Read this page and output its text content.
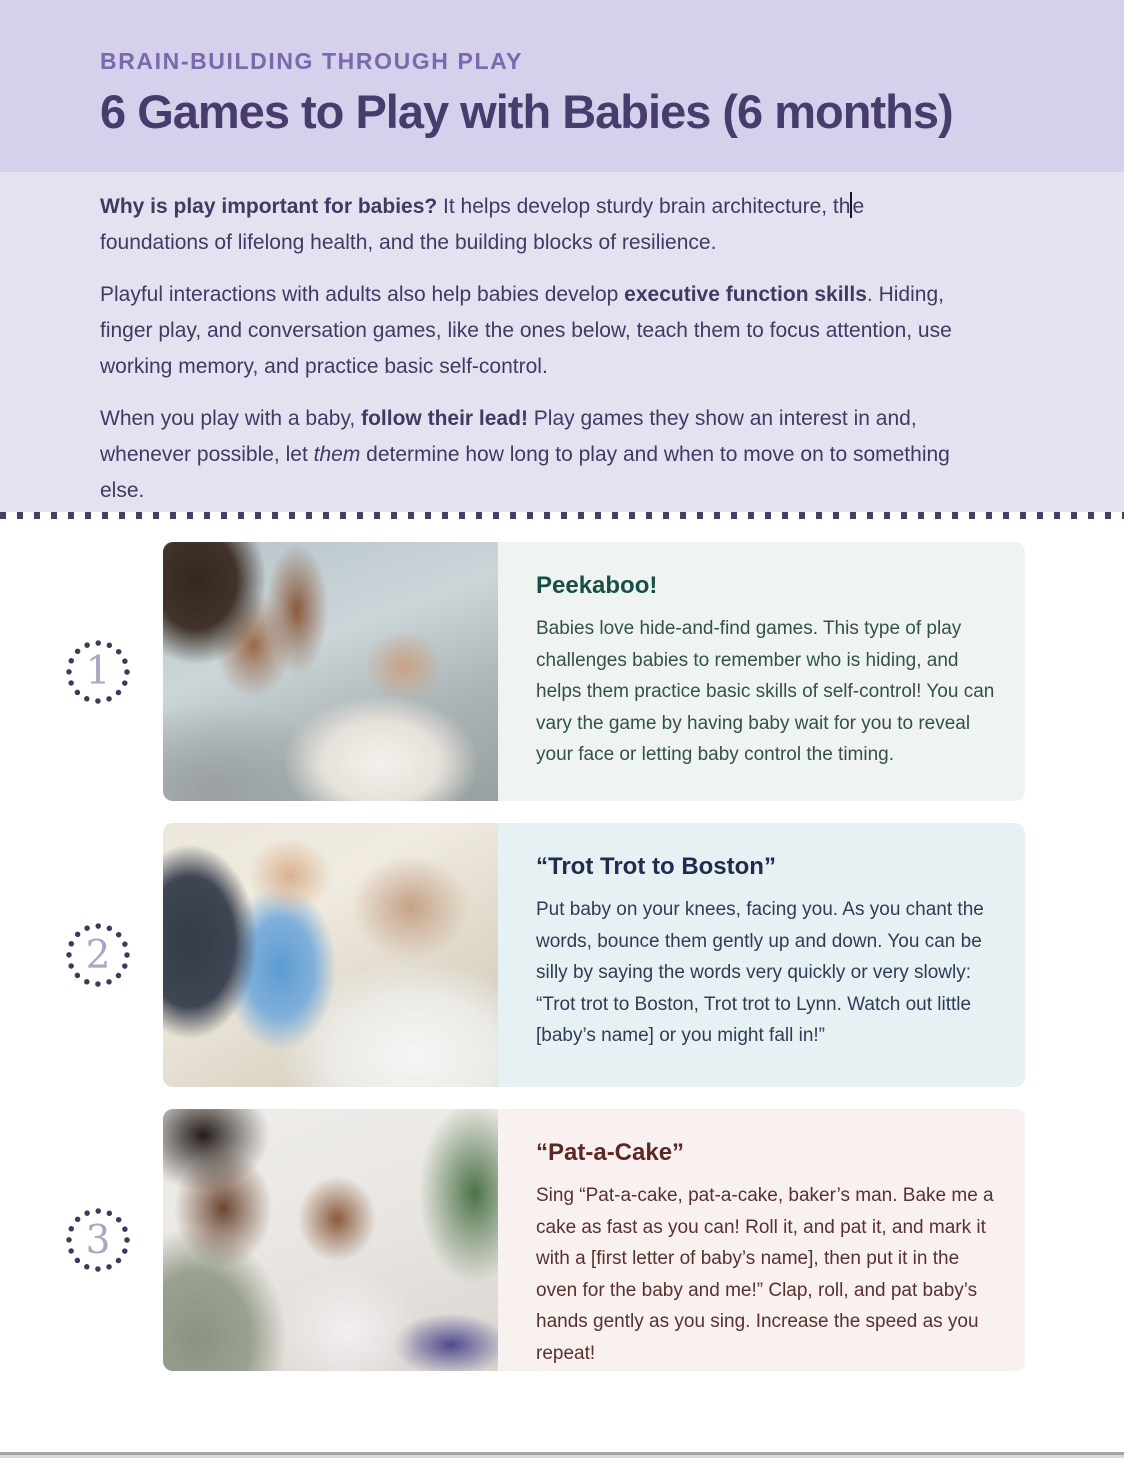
BRAIN-BUILDING THROUGH PLAY
6 Games to Play with Babies (6 months)

Why is play important for babies? It helps develop sturdy brain architecture, the foundations of lifelong health, and the building blocks of resilience.

Playful interactions with adults also help babies develop executive function skills. Hiding, finger play, and conversation games, like the ones below, teach them to focus attention, use working memory, and practice basic self-control.

When you play with a baby, follow their lead! Play games they show an interest in and, whenever possible, let them determine how long to play and when to move on to something else.

1
Peekaboo!

Babies love hide-and-find games. This type of play challenges babies to remember who is hiding, and helps them practice basic skills of self-control! You can vary the game by having baby wait for you to reveal your face or letting baby control the timing.

2
“Trot Trot to Boston”

Put baby on your knees, facing you. As you chant the words, bounce them gently up and down. You can be silly by saying the words very quickly or very slowly: “Trot trot to Boston, Trot trot to Lynn. Watch out little [baby’s name] or you might fall in!”

3
“Pat-a-Cake”

Sing “Pat-a-cake, pat-a-cake, baker’s man. Bake me a cake as fast as you can! Roll it, and pat it, and mark it with a [first letter of baby’s name], then put it in the oven for the baby and me!” Clap, roll, and pat baby’s hands gently as you sing. Increase the speed as you repeat!
